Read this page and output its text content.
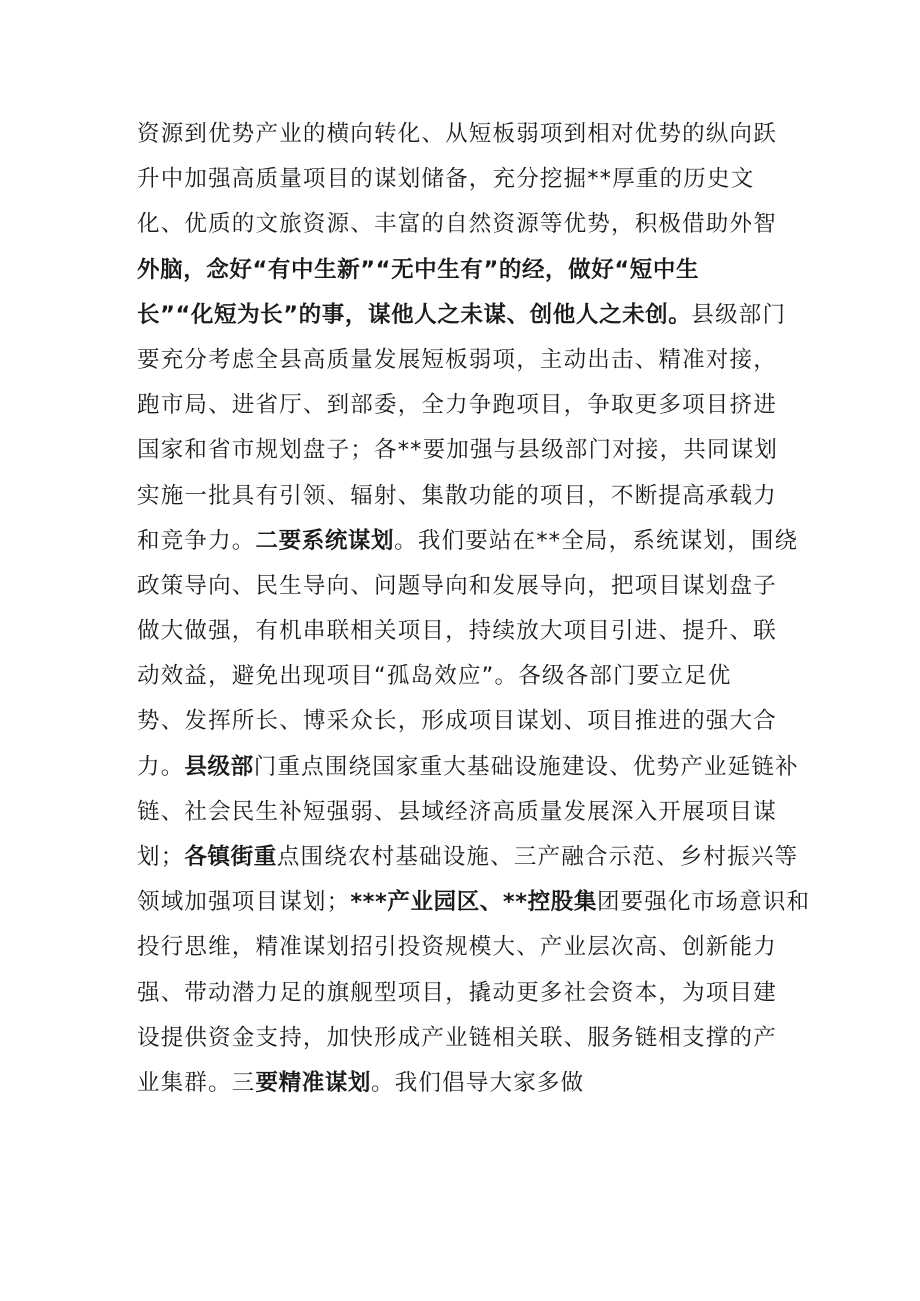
资源到优势产业的横向转化、从短板弱项到相对优势的纵向跃
升中加强高质量项目的谋划储备，充分挖掘**厚重的历史文
化、优质的文旅资源、丰富的自然资源等优势，积极借助外智
外脑，念好“有中生新”“无中生有”的经，做好“短中生
长”“化短为长”的事，谋他人之未谋、创他人之未创。县级部门
要充分考虑全县高质量发展短板弱项，主动出击、精准对接，
跑市局、进省厅、到部委，全力争跑项目，争取更多项目挤进
国家和省市规划盘子；各**要加强与县级部门对接，共同谋划
实施一批具有引领、辐射、集散功能的项目，不断提高承载力
和竞争力。二要系统谋划。我们要站在**全局，系统谋划，围绕
政策导向、民生导向、问题导向和发展导向，把项目谋划盘子
做大做强，有机串联相关项目，持续放大项目引进、提升、联
动效益，避免出现项目“孤岛效应”。各级各部门要立足优
势、发挥所长、博采众长，形成项目谋划、项目推进的强大合
力。县级部门重点围绕国家重大基础设施建设、优势产业延链补
链、社会民生补短强弱、县域经济高质量发展深入开展项目谋
划；各镇街重点围绕农村基础设施、三产融合示范、乡村振兴等
领域加强项目谋划；***产业园区、**控股集团要强化市场意识和
投行思维，精准谋划招引投资规模大、产业层次高、创新能力
强、带动潜力足的旗舰型项目，撬动更多社会资本，为项目建
设提供资金支持，加快形成产业链相关联、服务链相支撑的产
业集群。三要精准谋划。我们倡导大家多做
